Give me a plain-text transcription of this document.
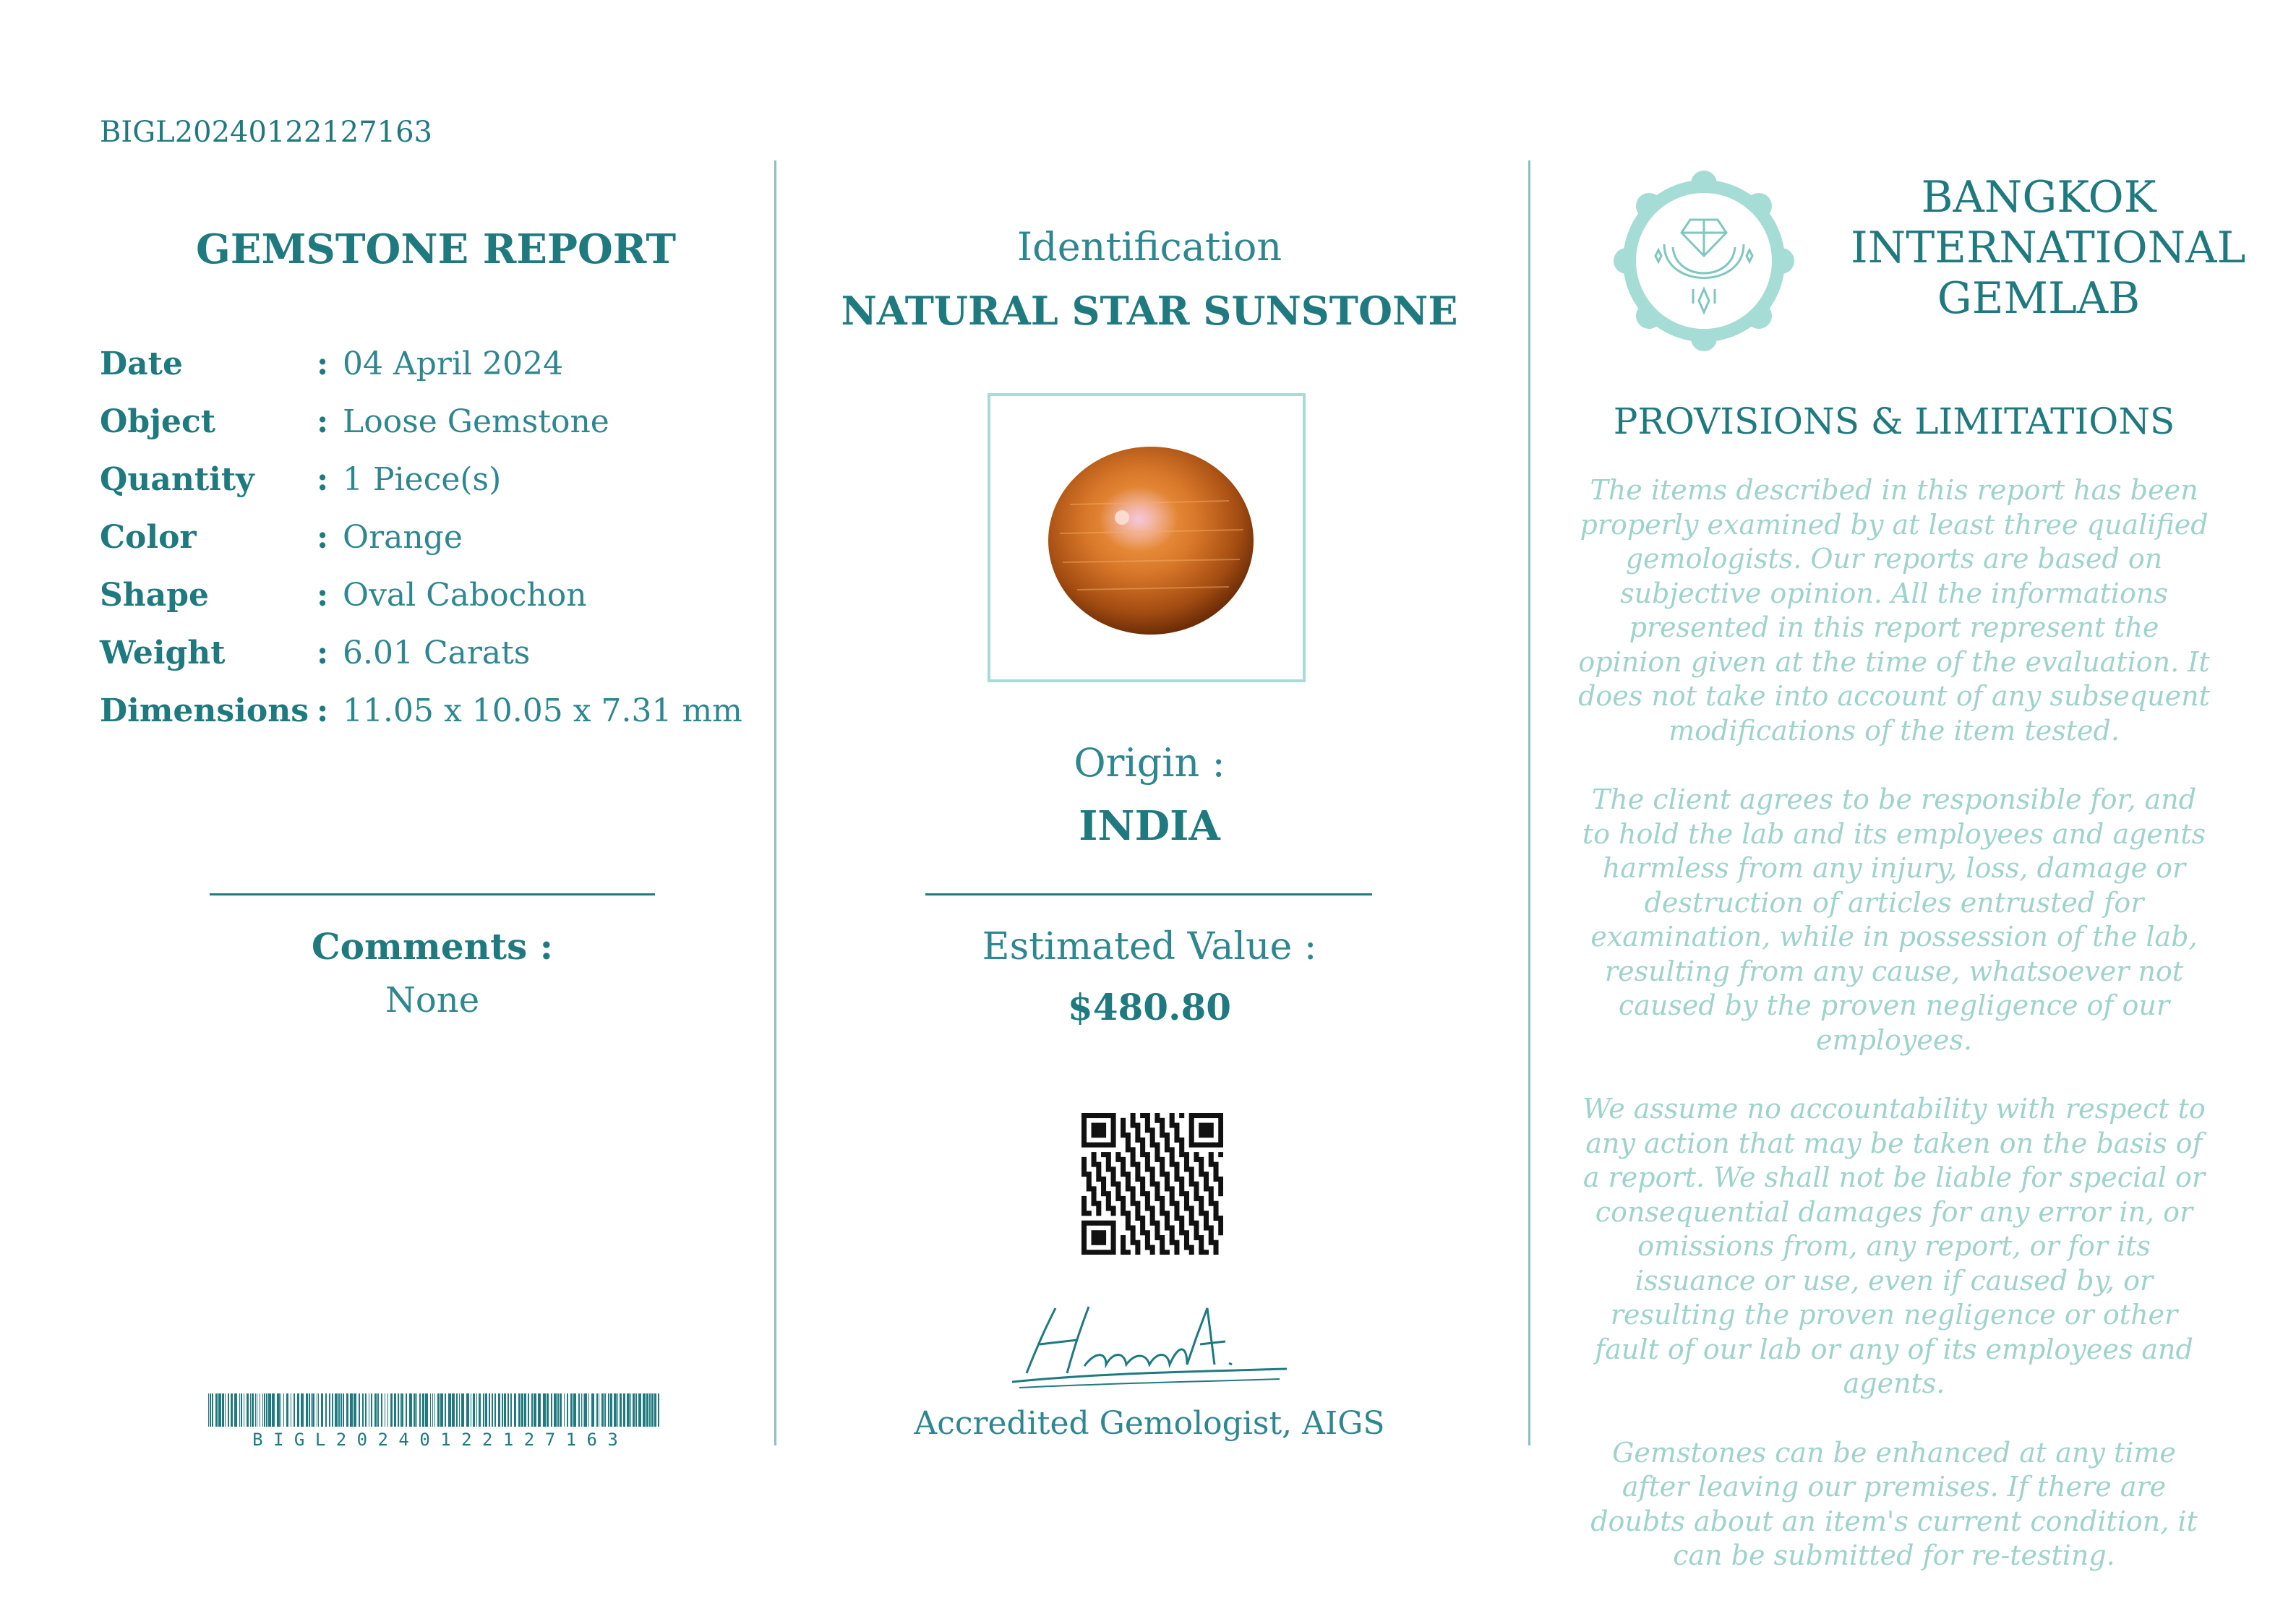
BIGL20240122127163
GEMSTONE REPORT
Date	: 04 April 2024
Object	: Loose Gemstone
Quantity	: 1 Piece(s)
Color	: Orange
Shape	: Oval Cabochon
Weight	: 6.01 Carats
Dimensions : 11.05 x 10.05 x 7.31 mm
Comments :
None
B I G L 2 0 2 4 0 1 2 2 1 2 7 1 6 3
Identification
NATURAL STAR SUNSTONE
Origin :
INDIA
Estimated Value :
$480.80
Accredited Gemologist, AIGS
BANGKOK
INTERNATIONAL
GEMLAB
PROVISIONS & LIMITATIONS

The items described in this report has been properly examined by at least three qualified gemologists. Our reports are based on subjective opinion. All the informations presented in this report represent the opinion given at the time of the evaluation. It does not take into account of any subsequent modifications of the item tested.

The client agrees to be responsible for, and to hold the lab and its employees and agents harmless from any injury, loss, damage or destruction of articles entrusted for examination, while in possession of the lab, resulting from any cause, whatsoever not caused by the proven negligence of our employees.

We assume no accountability with respect to any action that may be taken on the basis of a report. We shall not be liable for special or consequential damages for any error in, or omissions from, any report, or for its issuance or use, even if caused by, or resulting the proven negligence or other fault of our lab or any of its employees and agents.

Gemstones can be enhanced at any time after leaving our premises. If there are doubts about an item's current condition, it can be submitted for re-testing.
